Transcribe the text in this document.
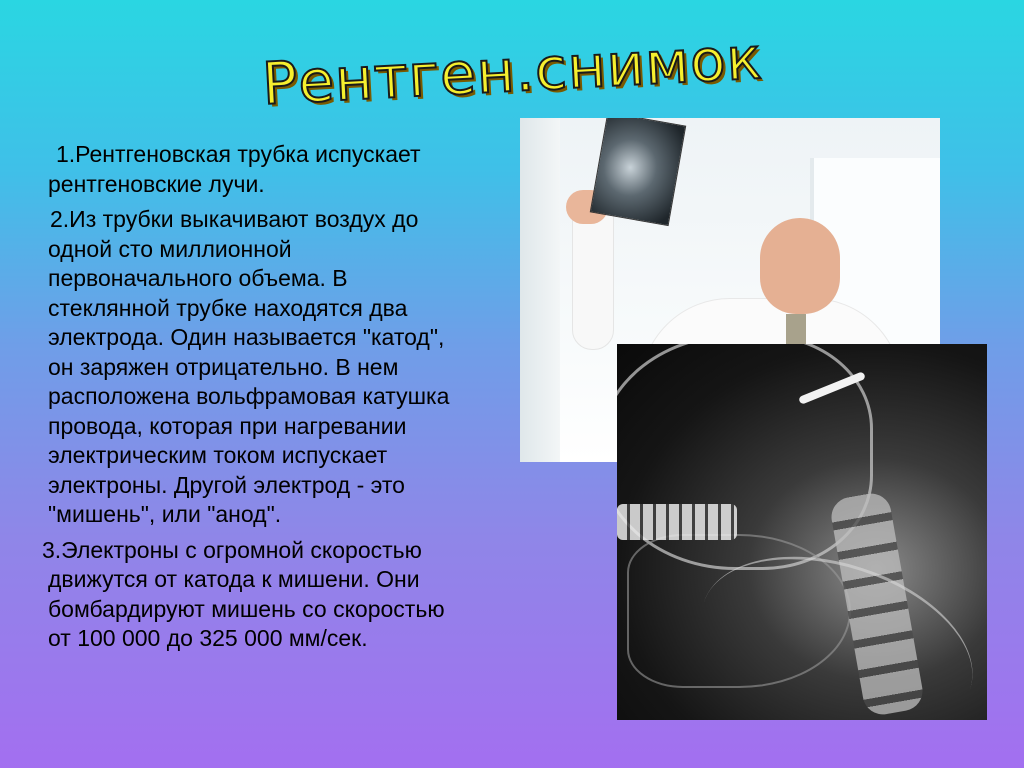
Рентген.снимок

1.Рентгеновская трубка испускает
рентгеновские лучи.

2.Из трубки выкачивают воздух до
одной сто миллионной
первоначального объема. В
стеклянной трубке находятся два
электрода. Один называется "катод",
он заряжен отрицательно. В нем
расположена вольфрамовая катушка
провода, которая при нагревании
электрическим током испускает
электроны. Другой электрод - это
"мишень", или "анод".

3.Электроны с огромной скоростью
движутся от катода к мишени. Они
бомбардируют мишень со скоростью
от 100 000 до 325 000 мм/сек.
